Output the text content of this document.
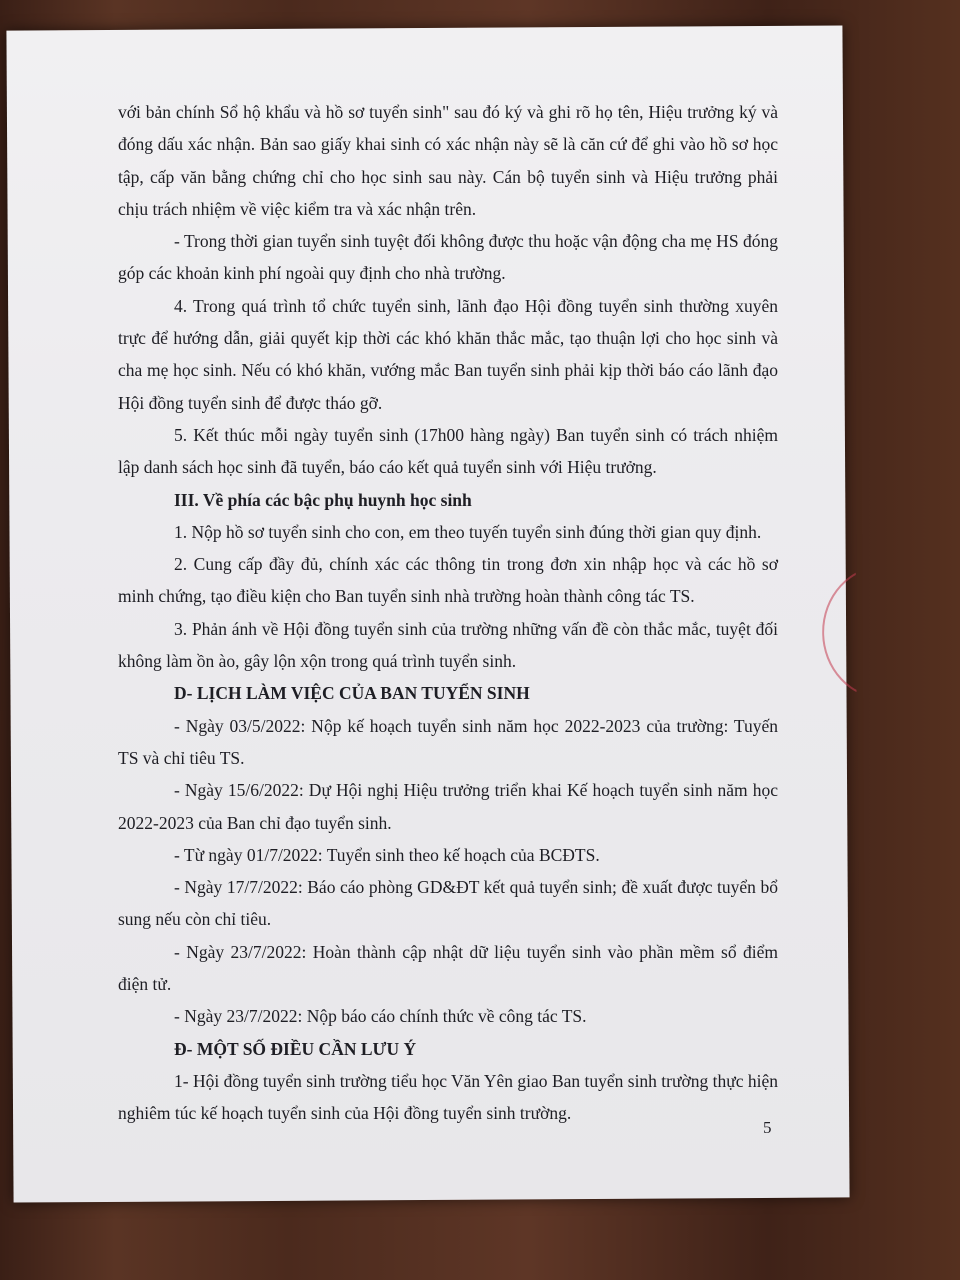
với bản chính Sổ hộ khẩu và hồ sơ tuyển sinh" sau đó ký và ghi rõ họ tên, Hiệu trưởng ký và đóng dấu xác nhận. Bản sao giấy khai sinh có xác nhận này sẽ là căn cứ để ghi vào hồ sơ học tập, cấp văn bằng chứng chỉ cho học sinh sau này. Cán bộ tuyển sinh và Hiệu trưởng phải chịu trách nhiệm về việc kiểm tra và xác nhận trên.

- Trong thời gian tuyển sinh tuyệt đối không được thu hoặc vận động cha mẹ HS đóng góp các khoản kinh phí ngoài quy định cho nhà trường.

4. Trong quá trình tổ chức tuyển sinh, lãnh đạo Hội đồng tuyển sinh thường xuyên trực để hướng dẫn, giải quyết kịp thời các khó khăn thắc mắc, tạo thuận lợi cho học sinh và cha mẹ học sinh. Nếu có khó khăn, vướng mắc Ban tuyển sinh phải kịp thời báo cáo lãnh đạo Hội đồng tuyển sinh để được tháo gỡ.

5. Kết thúc mỗi ngày tuyển sinh (17h00 hàng ngày) Ban tuyển sinh có trách nhiệm lập danh sách học sinh đã tuyển, báo cáo kết quả tuyển sinh với Hiệu trưởng.

III. Về phía các bậc phụ huynh học sinh

1. Nộp hồ sơ tuyển sinh cho con, em theo tuyến tuyển sinh đúng thời gian quy định.

2. Cung cấp đầy đủ, chính xác các thông tin trong đơn xin nhập học và các hồ sơ minh chứng, tạo điều kiện cho Ban tuyển sinh nhà trường hoàn thành công tác TS.

3. Phản ánh về Hội đồng tuyển sinh của trường những vấn đề còn thắc mắc, tuyệt đối không làm ồn ào, gây lộn xộn trong quá trình tuyển sinh.

D- LỊCH LÀM VIỆC CỦA BAN TUYỂN SINH

- Ngày 03/5/2022: Nộp kế hoạch tuyển sinh năm học 2022-2023 của trường: Tuyến TS và chỉ tiêu TS.

- Ngày 15/6/2022: Dự Hội nghị Hiệu trưởng triển khai Kế hoạch tuyển sinh năm học 2022-2023 của Ban chỉ đạo tuyển sinh.

- Từ ngày 01/7/2022: Tuyển sinh theo kế hoạch của BCĐTS.

- Ngày 17/7/2022: Báo cáo phòng GD&ĐT kết quả tuyển sinh; đề xuất được tuyển bổ sung nếu còn chỉ tiêu.

- Ngày 23/7/2022: Hoàn thành cập nhật dữ liệu tuyển sinh vào phần mềm sổ điểm điện tử.

- Ngày 23/7/2022: Nộp báo cáo chính thức về công tác TS.

Đ- MỘT SỐ ĐIỀU CẦN LƯU Ý

1- Hội đồng tuyển sinh trường tiểu học Văn Yên giao Ban tuyển sinh trường thực hiện nghiêm túc kế hoạch tuyển sinh của Hội đồng tuyển sinh trường.

5
